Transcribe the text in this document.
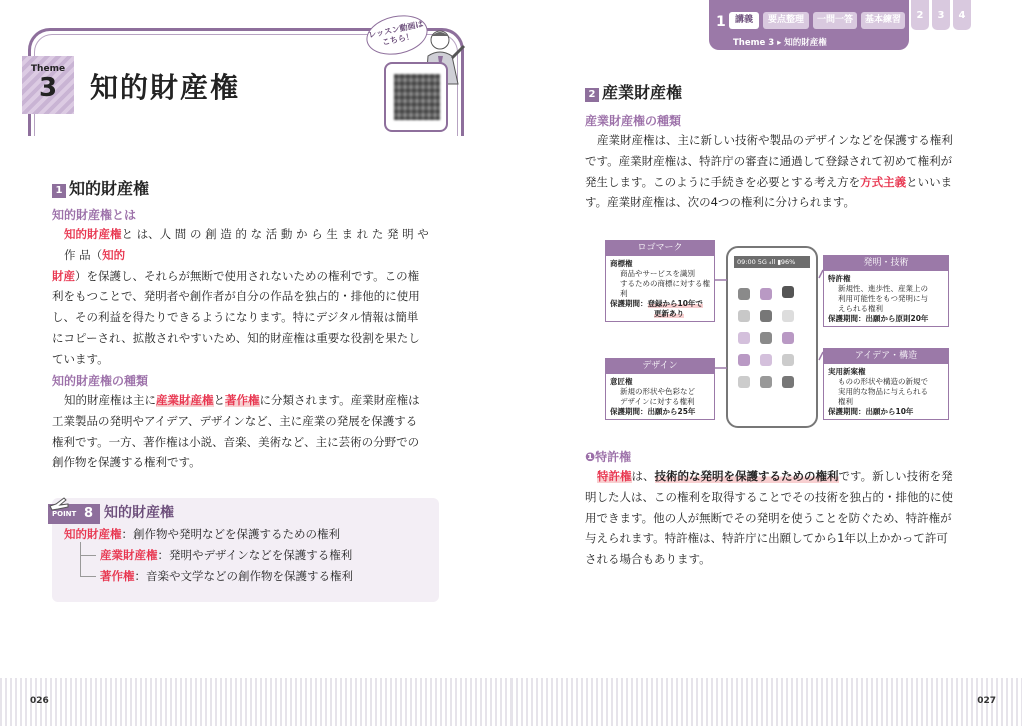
Theme
3	知的財産権
レッスン動画は こちら！
1 知的財産権
知的財産権とは
知的財産権と は、人 間 の 創 造 的 な 活 動 か ら 生 ま れ た 発 明 や 作 品（知的
財産）を保護し、それらが無断で使用されないための権利です。この権
利をもつことで、発明者や創作者が自分の作品を独占的・排他的に使用
し、その利益を得たりできるようになります。特にデジタル情報は簡単
にコピーされ、拡散されやすいため、知的財産権は重要な役割を果たし
ています。
知的財産権の種類
知的財産権は主に産業財産権と著作権に分類されます。産業財産権は
工業製品の発明やアイデア、デザインなど、主に産業の発展を保護する
権利です。一方、著作権は小説、音楽、美術など、主に芸術の分野での
創作物を保護する権利です。
POINT 8 知的財産権
知的財産権：創作物や発明などを保護するための権利
産業財産権：発明やデザインなどを保護する権利
著作権：音楽や文学などの創作物を保護する権利
026
1	講義	要点整理	一問一答	基本練習
Theme 3 ▸ 知的財産権
2	3	4
2 産業財産権
産業財産権の種類
産業財産権は、主に新しい技術や製品のデザインなどを保護する権利
です。産業財産権は、特許庁の審査に通過して登録されて初めて権利が
発生します。このように手続きを必要とする考え方を方式主義といいま
す。産業財産権は、次の4つの権利に分けられます。
ロゴマーク
商標権
商品やサービスを識別
するための商標に対する権
利
保護期間：登録から10年で
更新あり
デザイン
意匠権
新規の形状や色彩など
デザインに対する権利
保護期間：出願から25年
発明・技術
特許権
新規性、進歩性、産業上の
利用可能性をもつ発明に与
えられる権利
保護期間：出願から原則20年
アイデア・構造
実用新案権
ものの形状や構造の新規で
実用的な物品に与えられる
権利
保護期間：出願から10年
09:00 5G ₄ll ▮96%
❶特許権
特許権は、技術的な発明を保護するための権利です。新しい技術を発
明した人は、この権利を取得することでその技術を独占的・排他的に使
用できます。他の人が無断でその発明を使うことを防ぐため、特許権が
与えられます。特許権は、特許庁に出願してから1年以上かかって許可
される場合もあります。
027
